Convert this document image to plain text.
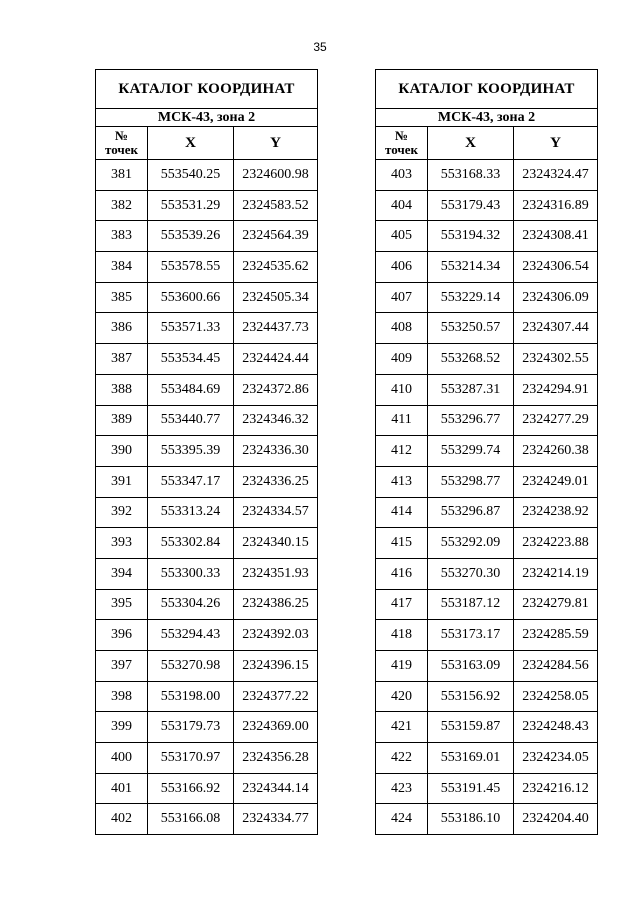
35
КАТАЛОГ КООРДИНАТ		
МСК-43, зона 2		
№
точек	X	Y
381	553540.25	2324600.98
382	553531.29	2324583.52
383	553539.26	2324564.39
384	553578.55	2324535.62
385	553600.66	2324505.34
386	553571.33	2324437.73
387	553534.45	2324424.44
388	553484.69	2324372.86
389	553440.77	2324346.32
390	553395.39	2324336.30
391	553347.17	2324336.25
392	553313.24	2324334.57
393	553302.84	2324340.15
394	553300.33	2324351.93
395	553304.26	2324386.25
396	553294.43	2324392.03
397	553270.98	2324396.15
398	553198.00	2324377.22
399	553179.73	2324369.00
400	553170.97	2324356.28
401	553166.92	2324344.14
402	553166.08	2324334.77
КАТАЛОГ КООРДИНАТ		
МСК-43, зона 2		
№
точек	X	Y
403	553168.33	2324324.47
404	553179.43	2324316.89
405	553194.32	2324308.41
406	553214.34	2324306.54
407	553229.14	2324306.09
408	553250.57	2324307.44
409	553268.52	2324302.55
410	553287.31	2324294.91
411	553296.77	2324277.29
412	553299.74	2324260.38
413	553298.77	2324249.01
414	553296.87	2324238.92
415	553292.09	2324223.88
416	553270.30	2324214.19
417	553187.12	2324279.81
418	553173.17	2324285.59
419	553163.09	2324284.56
420	553156.92	2324258.05
421	553159.87	2324248.43
422	553169.01	2324234.05
423	553191.45	2324216.12
424	553186.10	2324204.40
